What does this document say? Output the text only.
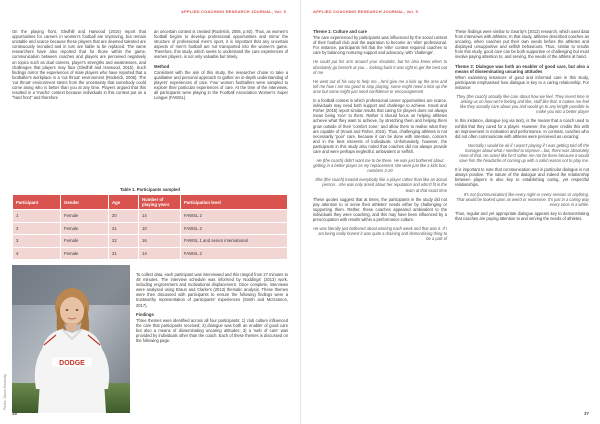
APPLIED COACHING RESEARCH JOURNAL, Vol. 5

On the playing front, Gledhill and Harwood (2015) report that opportunities for careers in women's football are improving, but remain unstable and scarce because these players that are deemed talented are continuously recruited and in turn are liable to be replaced. The same researchers have also reported that for those within the game, communication between coaches and players are perceived negatively on topics such as dual careers, player's strengths and weaknesses, and challenges that players may face (Gledhill and Harwood, 2015). Such findings mirror the experiences of male players who have reported that a footballer's workplace is a 'cut throat' environment (Roderick, 2006). The 'cut throat' environment stems from the uncertainty that somebody could come along who is better than you at any time. Players argued that this resulted in a 'macho' context because individuals in this context put on a "hard front" and therefore

an uncertain context is created (Roderick, 2006, p.92). Thus, as women's football begins to develop professional opportunities and mirror the structure of professional men's sport, it is important that any uncertain aspects of men's football are not transported into the women's game. Therefore, this study, which seeks to understand the care experiences of women players, is not only valuable but timely.

Method

Consistent with the aim of this study, the researcher chose to take a qualitative and personal approach to gather an in-depth understanding of players' experiences of care. Four women footballers were sampled to explore their particular experiences of care. At the time of the interviews, all participants were playing in the Football Association Women's Super League (FAWSL).

Table 1. Participants sampled
Participant	Gender	Age	Number of playing years	Participation level
1	Female	20	14	FAWSL 2
2	Female	21	10	FAWSL 2
3	Female	22	16	FAWSL 1 and senior international
4	Female	21	14	FAWSL 2
Photo: Gavin Kennedy
DODGE

To collect data, each participant was interviewed and this ranged from 27 minutes to 48 minutes. The interview schedule was informed by Noddings' (2013) work, including engrossment and motivational displacement. Once complete, interviews were analysed using Braun and Clarke's (2013) thematic analysis. These themes were then discussed with participants to ensure the following findings were a trustworthy representation of participants' experiences (Smith and McGannon, 2017).

Findings

Three themes were identified across all four participants: 1) club culture influenced the care that participants received; 2) dialogue was both an enabler of good care but also a means of disseminating uncaring attitudes; 3) a 'web of care' was provided by individuals other than the coach. Each of these themes is discussed on the following page.

36
APPLIED COACHING RESEARCH JOURNAL, Vol. 5
Theme 1: Culture and care

The care experienced by participants was influenced by the social context of their football club and the aspiration to become an 'elite' professional. For instance, participants felt that the 'elite' context required coaches to care by balancing nurturing support and advocacy, with 'challenge'.

He could put his arm around your shoulder, but he also knew when to absolutely go berserk at you… looking back it was right to get the best out of me

He went out of his way to help me…he'd give me a kick up the arse and tell me how I am too good to stop playing, some might need a kick up the arse but some might just need confidence or encouragement

In a football context in which professional career opportunities are scarce, individuals may need both support and challenge to achieve. Knust and Fisher (2015) report similar results that caring for players does not always mean being 'nice' to them. Rather it should focus on helping athletes achieve what they want to achieve, by stretching them and helping them grow outside of their 'comfort zone,' and allow them to realise what they are capable of (Knust and Fisher, 2015). Thus, challenging athletes is not necessarily 'poor' care, because it can be done with intention, concern and in the best interests of individuals. Unfortunately, however, the participants in this study also noted that coaches did not always provide care and were perhaps neglectful, ambivalent or selfish.

He (the coach) didn't want me to be there. He was just bothered about getting in a better player as my replacement. We were just like a kids box, numbers 3-20

She (the coach) treated everybody like a player rather than like an actual person…she was only arsed about her reputation and who'd fit in the team at that exact time

These quotes suggest that at times, the participants in the study did not pay attention to or serve their athletes' needs either by challenging or supporting them. Rather, these coaches appeared ambivalent to the individuals they were coaching, and this may have been influenced by a preoccupation with results within a performance culture.

He was literally just bothered about winning each week and that was it. If I am being really honest it was quite a draining and demoralising thing to be a part of

These findings were similar to Gearity's (2012) research, which used data from interviews with athletes. In that study, athletes described coaches as uncaring, when coaches put their own needs before the athletes and displayed unsupportive and selfish behaviours. Thus, similar to results from this study, good care can be both supportive or challenging but must involve paying attention to, and serving, the needs of the athlete at hand.

Theme 2: Dialogue was both an enabler of good care, but also a means of disseminating uncaring attitudes

When examining instances of good and informed care in this study, participants emphasised how dialogue is key to a caring relationship. For instance:

They (the coach) actually like care about how we feel. They invest time in asking us on how we're feeling and like, stuff like that. It makes me feel like they actually care about you and would go to any length possible to make you into a better player

In this instance, dialogue (eg via text), is the means that a coach used to exhibit that they cared for a player. However, the player credits this with an improvement in motivation and performance. In contrast, coaches who did not often communicate with athletes were perceived as uncaring:

Normally I would be ok if I wasn't playing if I was getting told off the manager about what I needed to improve…but, there was absolutely none of that. He acted like he'd rather me not be there because it would save him the headache of coming up with a valid reason not to play me.

It is important to note that communication and in particular dialogue is not always positive. The nature of the dialogue and indeed the relationship between players is also key to establishing caring, yet respectful relationships.

It's not (communication) like every night or every session or anything. That would be looked upon as weird or excessive. It's just in a caring way every once in a while.

Thus, regular and yet appropriate dialogue appears key to demonstrating that coaches are paying attention to and serving the needs of athletes.

37
